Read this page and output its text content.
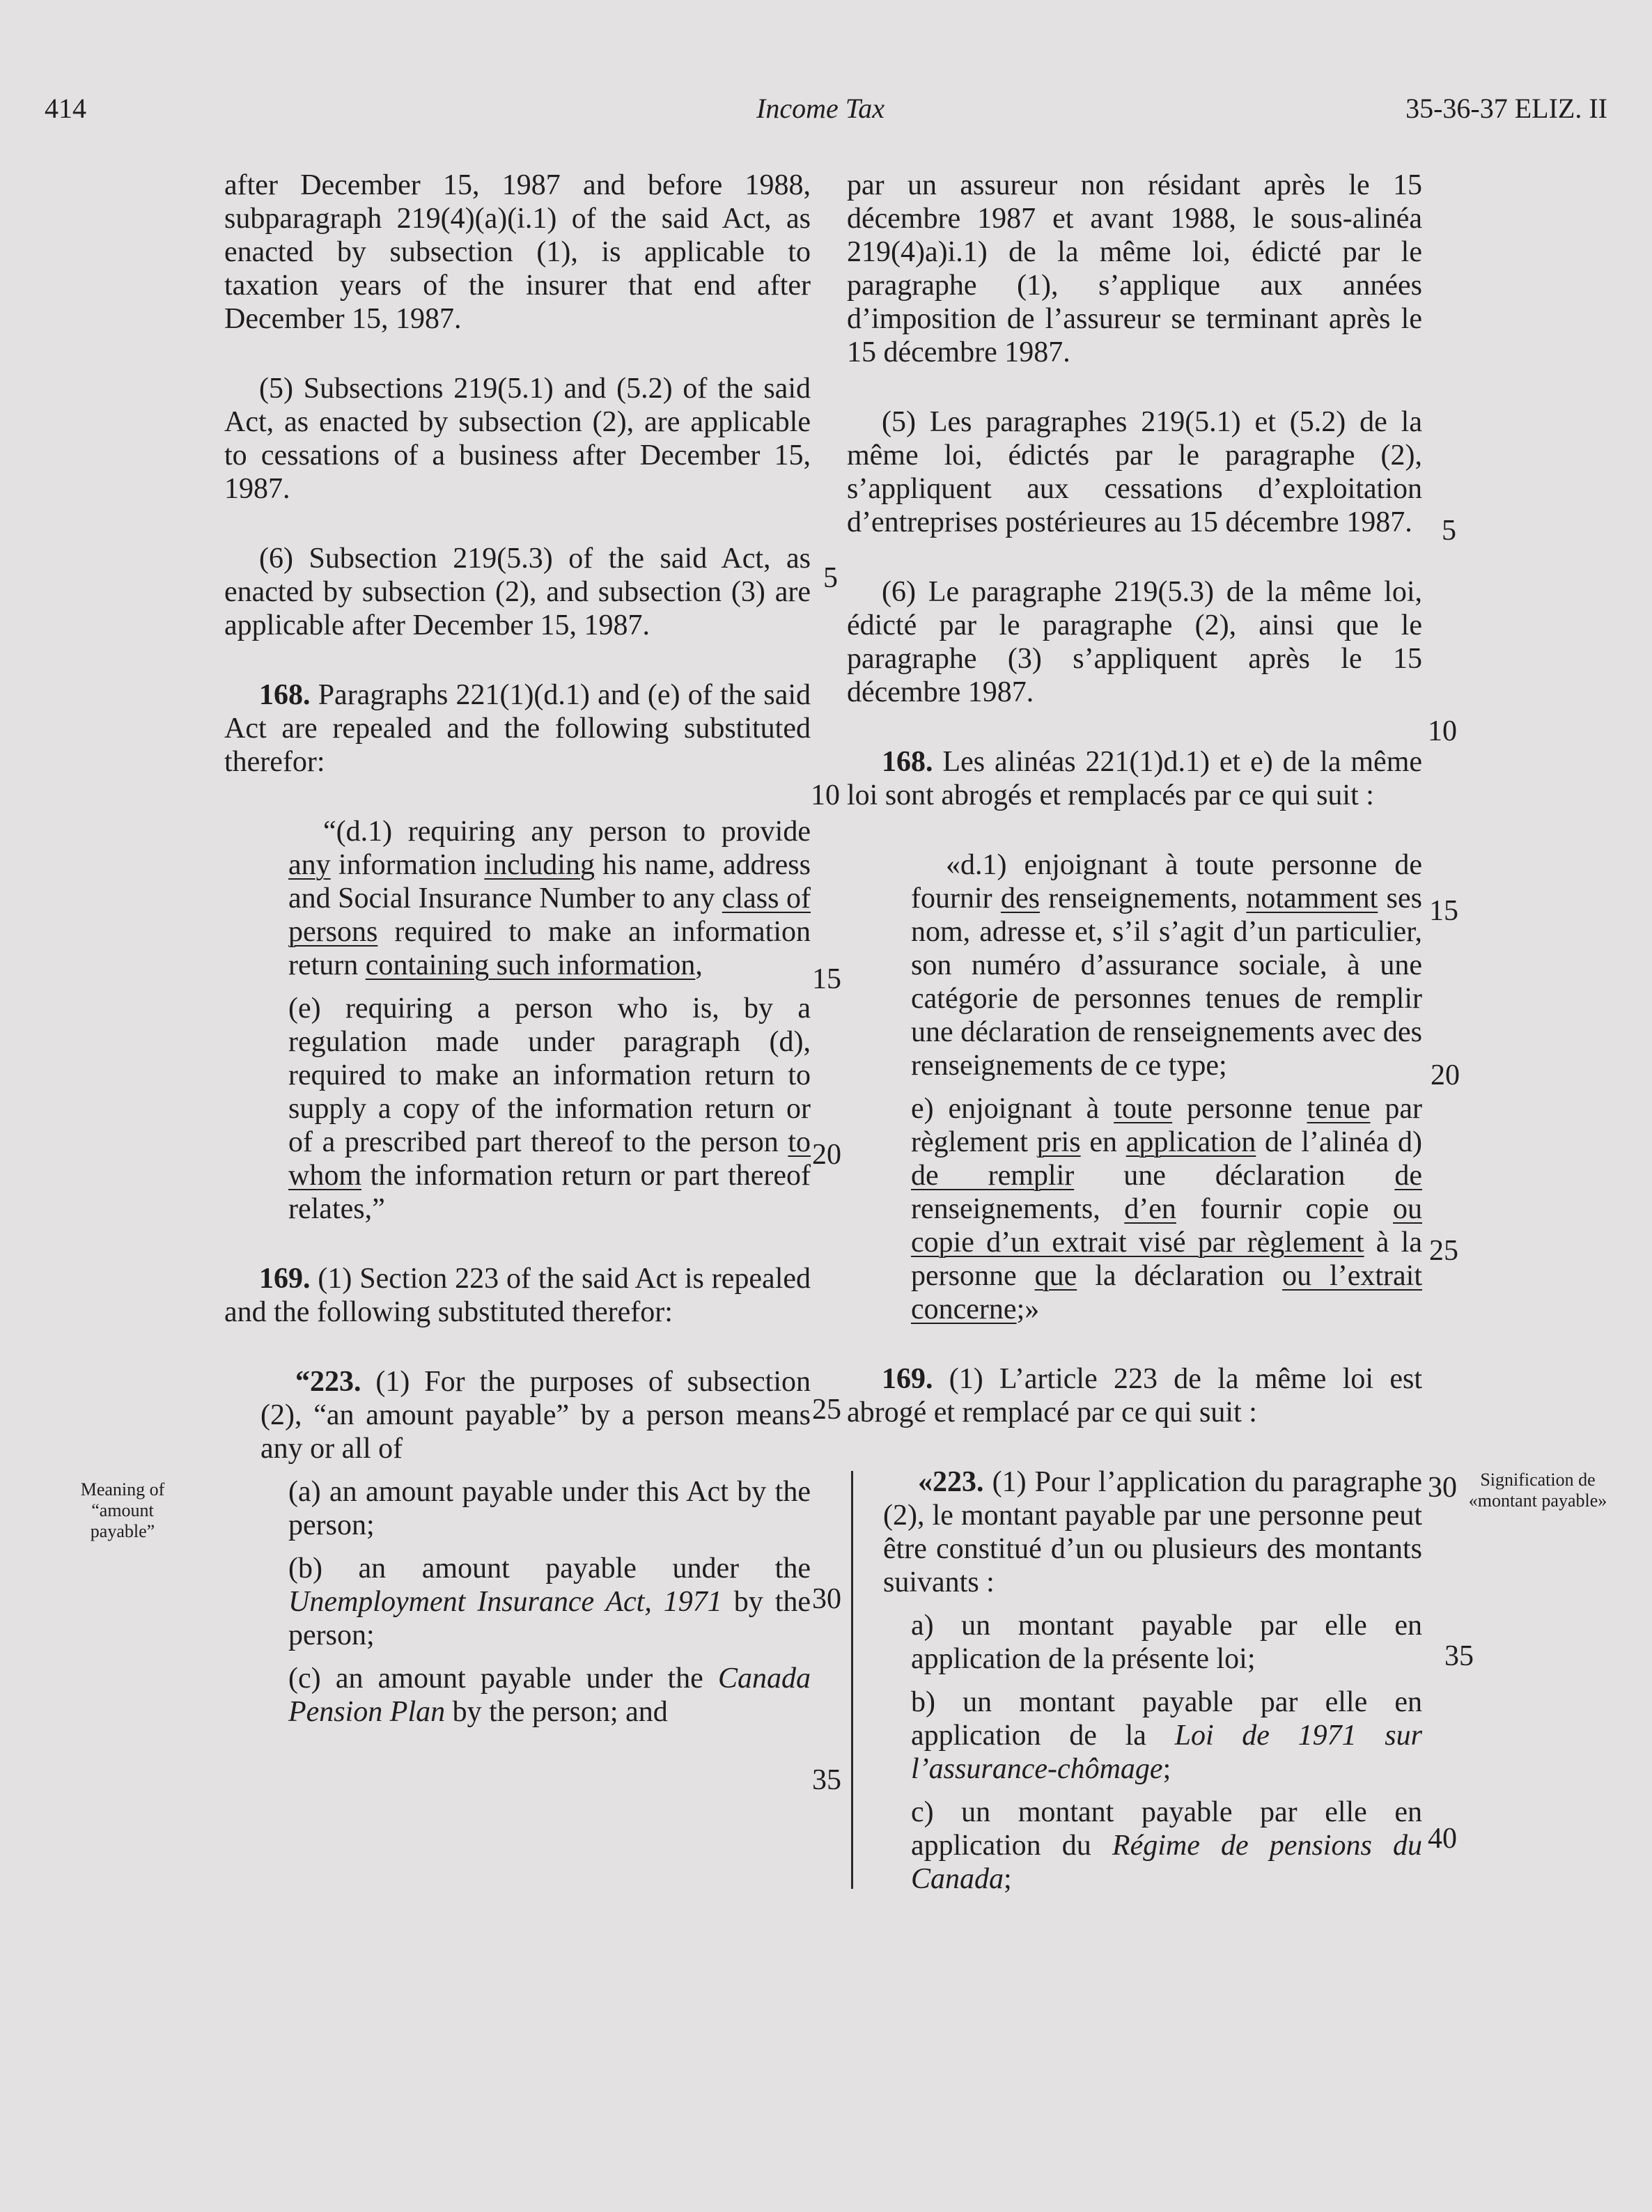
414	Income Tax	35-36-37 ELIZ. II

after December 15, 1987 and before 1988, subparagraph 219(4)(a)(i.1) of the said Act, as enacted by subsection (1), is applicable to taxation years of the insurer that end after December 15, 1987.

(5) Subsections 219(5.1) and (5.2) of the said Act, as enacted by subsection (2), are applicable to cessations of a business after December 15, 1987.

(6) Subsection 219(5.3) of the said Act, as enacted by subsection (2), and subsection (3) are applicable after December 15, 1987.

168. Paragraphs 221(1)(d.1) and (e) of the said Act are repealed and the following substituted therefor:

“(d.1) requiring any person to provide any information including his name, address and Social Insurance Number to any class of persons required to make an information return containing such information,

(e) requiring a person who is, by a regulation made under paragraph (d), required to make an information return to supply a copy of the information return or of a prescribed part thereof to the person to whom the information return or part thereof relates,”

169. (1) Section 223 of the said Act is repealed and the following substituted therefor:

“223. (1) For the purposes of subsection (2), “an amount payable” by a person means any or all of

(a) an amount payable under this Act by the person;

(b) an amount payable under the Unemployment Insurance Act, 1971 by the person;

(c) an amount payable under the Canada Pension Plan by the person; and

par un assureur non résidant après le 15 décembre 1987 et avant 1988, le sous-alinéa 219(4)a)i.1) de la même loi, édicté par le paragraphe (1), s’applique aux années d’imposition de l’assureur se terminant après le 15 décembre 1987.

(5) Les paragraphes 219(5.1) et (5.2) de la même loi, édictés par le paragraphe (2), s’appliquent aux cessations d’exploitation d’entreprises postérieures au 15 décembre 1987.

(6) Le paragraphe 219(5.3) de la même loi, édicté par le paragraphe (2), ainsi que le paragraphe (3) s’appliquent après le 15 décembre 1987.

168. Les alinéas 221(1)d.1) et e) de la même loi sont abrogés et remplacés par ce qui suit :

«d.1) enjoignant à toute personne de fournir des renseignements, notamment ses nom, adresse et, s’il s’agit d’un particulier, son numéro d’assurance sociale, à une catégorie de personnes tenues de remplir une déclaration de renseignements avec des renseignements de ce type;

e) enjoignant à toute personne tenue par règlement pris en application de l’alinéa d) de remplir une déclaration de renseignements, d’en fournir copie ou copie d’un extrait visé par règlement à la personne que la déclaration ou l’extrait concerne;»

169. (1) L’article 223 de la même loi est abrogé et remplacé par ce qui suit :

«223. (1) Pour l’application du paragraphe (2), le montant payable par une personne peut être constitué d’un ou plusieurs des montants suivants :

a) un montant payable par elle en application de la présente loi;

b) un montant payable par elle en application de la Loi de 1971 sur l’assurance-chômage;

c) un montant payable par elle en application du Régime de pensions du Canada;

5
10
15
20
25
30
35
5
10
15
20
25
30
35
40
Meaning of “amount payable”
Signification de «montant payable»
